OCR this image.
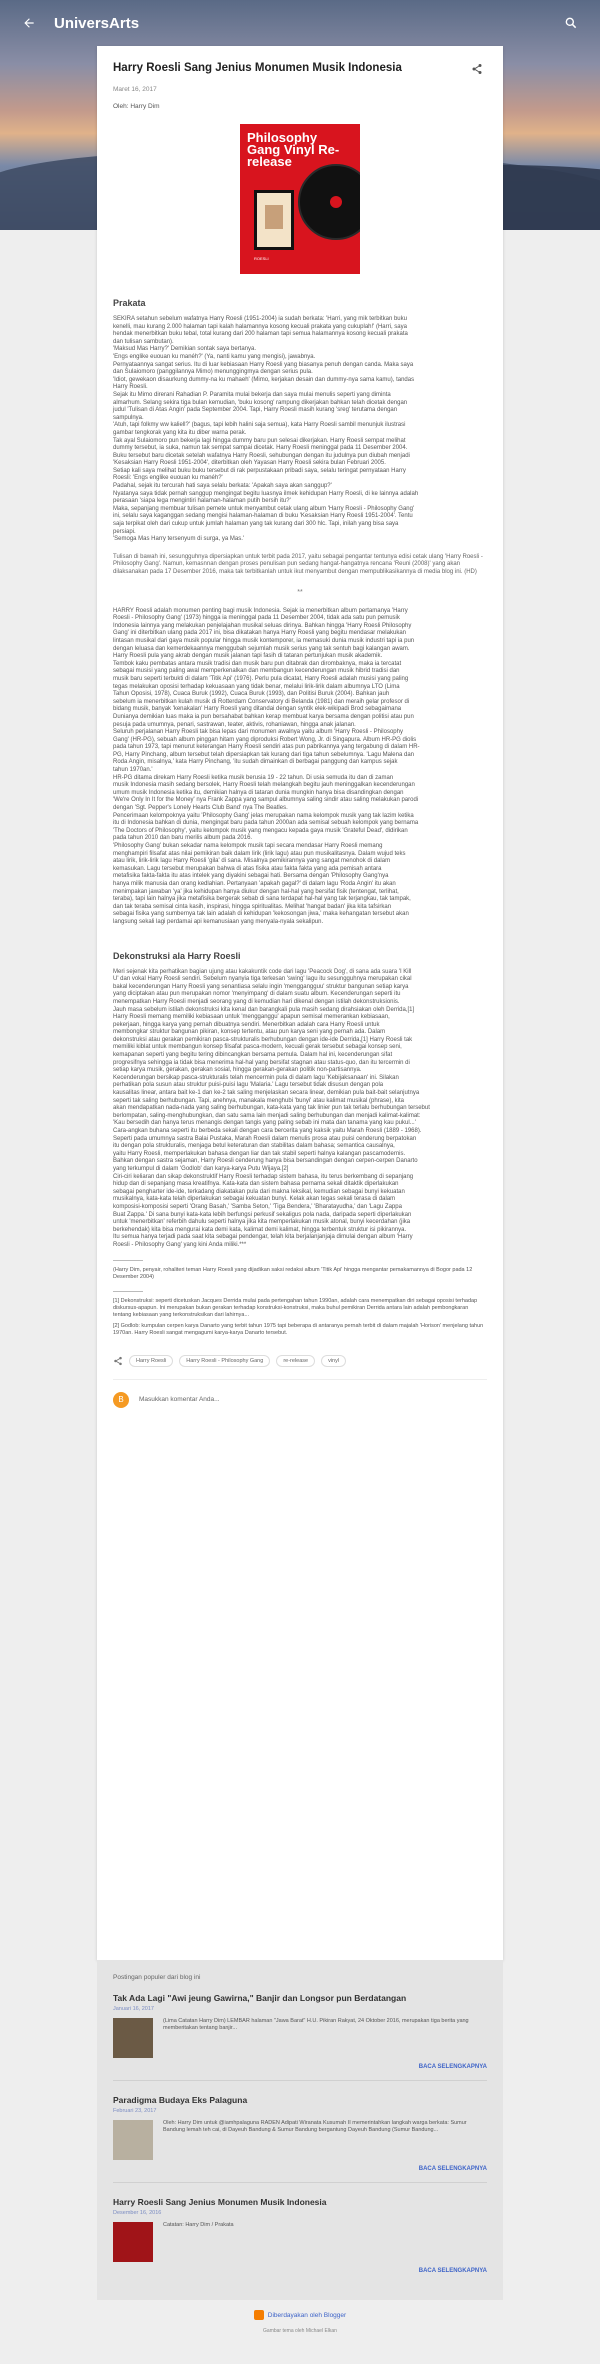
UniversArts
Harry Roesli Sang Jenius Monumen Musik Indonesia
Maret 16, 2017
Oleh: Harry Dim
Philosophy Gang Vinyl Re-release
ROESLI
Prakata
SEKIRA setahun sebelum wafatnya Harry Roesli (1951-2004) ia sudah berkata: 'Harri, yang mik terbitkan buku
kenelli, mau kurang 2.000 halaman tapi kalah halamannya kosong kecuali prakata yang cukuplah!' (Harri, saya
hendak menerbitkan buku tebal, total kurang dari 200 halaman tapi semua halamannya kosong kecuali prakata
dan tulisan sambutan).
'Maksud Mas Harry?' Demikian sontak saya bertanya.
'Engs englike euouan ku manéh?' (Ya, nanti kamu yang mengisi), jawabnya.
Pernyataannya sangat serius. Itu di luar kebiasaan Harry Roesli yang biasanya penuh dengan canda. Maka saya
dan Sulaiomoro (panggilannya Mimo) menunggingmya dengan serius pula.
'Idiot, gewekaon disaurkung dummy-na ku mahaeh' (Mimo, kerjakan desain dan dummy-nya sama kamu), tandas
Harry Roesli.
Sejak itu Mimo direrani Rahadian P. Paramita mulai bekerja dan saya mulai menulis seperti yang diminta
almarhum. Selang sekira tiga bulan kemudian, 'buku kosong' rampung dikerjakan bahkan telah dicetak dengan
judul 'Tulisan di Atas Angin' pada September 2004. Tapi, Harry Roesli masih kurang 'sreg' terutama dengan
sampulnya.
'Atuh, tapi folkmy ww kaliell?' (bagus, tapi lebih halini saja semua), kata Harry Roesli sambil menunjuk ilustrasi
gambar tengkorak yang kita itu diber warna perak.
Tak ayal Sulaiomoro pun bekerja lagi hingga dummy baru pun selesai dikerjakan. Harry Roesli sempat melihat
dummy tersebut, ia suka, namun tak sempat sampai dicetak. Harry Roesli meninggal pada 11 Desember 2004.
Buku tersebut baru dicetak setelah wafatnya Harry Roesli, sehubungan dengan itu judulnya pun diubah menjadi
'Kesaksian Harry Roesli 1951-2004', diterbitkan oleh Yayasan Harry Roesli sekira bulan Februari 2005.
Setiap kali saya melihat buku buku tersebut di rak perpustakaan pribadi saya, selalu teringat pernyataan Harry
Roesli: 'Engs englike euouan ku manéh?'
Padahal, sejak itu tercurah hati saya selalu berkata: 'Apakah saya akan sanggup?'
Nyatanya saya tidak pernah sanggup mengingat begitu luasnya ilmek kehidupan Harry Roesli, di ke lainnya adalah
perasaan 'siapa lega mengintiri halaman-halaman putih bersih itu?'
Maka, sepanjang membuar tulisan pemete untuk menyambut cetak ulang album 'Harry Roesli - Philosophy Gang'
ini, selalu saya kaganggan sedang mengisi halaman-halaman di buku 'Kesaksian Harry Roesli 1951-2004'. Tentu
saja terpikat oleh dari cukup untuk jumlah halaman yang tak kurang dari 300 hlc. Tapi, inilah yang bisa saya
persiapi.
'Semoga Mas Harry tersenyum di surga, ya Mas.'
Tulisan di bawah ini, sesungguhnya dipersiapkan untuk terbit pada 2017, yaitu sebagai pengantar tentunya edisi cetak ulang 'Harry Roesli - Philosophy Gang'. Namun, kemasnnan dengan proses penulisan pun sedang hangat-hangatnya rencana 'Reuni (2008)' yang akan dilaksanakan pada 17 Desember 2016, maka tak terbitkanlah untuk ikut menyambut dengan mempublikasikannya di media blog ini. (HD)
**
HARRY Roesli adalah monumen penting bagi musik Indonesia. Sejak ia menerbitkan album pertamanya 'Harry
Roesli - Philosophy Gang' (1973) hingga ia meninggal pada 11 Desember 2004, tidak ada satu pun pemusik
Indonesia lainnya yang melakukan penjelajahan musikal seluas dirinya. Bahkan hingga 'Harry Roesli Philosophy
Gang' ini diterbitkan ulang pada 2017 ini, bisa dikatakan hanya Harry Roesli yang begitu mendasar melakukan
lintasan musikal dari gaya musik popular hingga musik kontemporer, ia memasuki dunia musik industri tapi ia pun
dengan leluasa dan kemerdekaannya menggubah sejumlah musik serius yang tak sentuh bagi kalangan awam.
Harry Roesli pula yang akrab dengan musik jalanan tapi fasih di tataran pertunjukan musik akademik.
Tembok kaku pembatas antara musik tradisi dan musik baru pun ditabrak dan dirombaknya, maka ia tercatat
sebagai musisi yang paling awal memperkenalkan dan membangun kecenderungan musik hibrid tradisi dan
musik baru seperti terbukti di dalam 'Titik Api' (1976). Perlu pula dicatat, Harry Roesli adalah musisi yang paling
tegas melakukan oposisi terhadap kekuasaan yang tidak benar, melalui lirik-lirik dalam albumnya LTO (Lima
Tahun Oposisi, 1978), Cuaca Buruk (1992), Cuaca Buruk (1993), dan Politisi Buruk (2004). Bahkan jauh
sebelum ia menerbitkan kulah musik di Rotterdam Conservatory di Belanda (1981) dan meraih gelar profesor di
bidang musik, banyak 'kenakalan' Harry Roesli yang ditandai dengan syntik elek-wikipadi Brod sebagaimana
Dunianya demikian luas maka ia pun bersahabat bahkan kerap membuat karya bersama dengan politisi atau pun
pesuja pada umumnya, penari, sastrawan, teater, aktivis, rohaniawan, hingga anak jalanan.
Seluruh perjalanan Harry Roesli tak bisa lepas dari monumen awalnya yaitu album 'Harry Roesli - Philosophy
Gang' (HR-PG), sebuah album pinggan hitam yang diproduksi Robert Wong, Jr. di Singapura. Album HR-PG diolis
pada tahun 1973, tapi menurut keterangan Harry Roesli sendiri atas pun pabrikannya yang tergabung di dalam HR-
PG, Harry Pinchang, album tersebut telah dipersiapkan tak kurang dari tiga tahun sebelumnya. 'Lagu Malena dan
Roda Angin, misalnya,' kata Harry Pinchang, 'itu sudah dimainkan di berbagai panggung dan kampus sejak
tahun 1970an.'
HR-PG ditama direkam Harry Roesli ketika musik berusia 19 - 22 tahun. Di usia semuda itu dan di zaman
musik Indonesia masih sedang bersolek, Harry Roesli telah melangkah begitu jauh meninggalkan kecenderungan
umum musik Indonesia ketika itu, demikian halnya di tataran dunia mungkin hanya bisa disandingkan dengan
'We're Only In It for the Money' nya Frank Zappa yang sampul albumnya saling sindir atau saling melakukan parodi
dengan 'Sgt. Pepper's Lonely Hearts Club Band' nya The Beatles.
Pencerimaan kelompoknya yaitu 'Philosophy Gang' jelas merupakan nama kelompok musik yang tak lazim ketika
itu di Indonesia bahkan di dunia, mengingat baru pada tahun 2000an ada semisal sebuah kelompok yang bernama
'The Doctors of Philosophy', yaitu kelompok musik yang mengacu kepada gaya musik 'Grateful Dead', didirikan
pada tahun 2010 dan baru merilis album pada 2016.
'Philosophy Gang' bukan sekadar nama kelompok musik tapi secara mendasar Harry Roesli memang
menghampiri filsafat atas nilai pemikiran baik dalam lirik (lirik lagu) atau pun musikalitasnya. Dalam wujud teks
atau lirik, lirik-lirik lagu Harry Roesli 'gila' di sana. Misalnya pemikirannya yang sangat menohok di dalam
kemasukan. Lagu tersebut merupakan bahwa di atas fisika atau fakta fakta yang ada pemisah antara
metafisika fakta-fakta itu atas intelek yang diyakini sebagai hati. Bersama dengan 'Philosophy Gang'nya
hanya milik manusia dan orang kedlahian. Pertanyaan 'apakah gagal?' di dalam lagu 'Roda Angin' itu akan
menimpakan jawaban 'ya' jika kehidupan hanya diukur dengan hal-hal yang bersifat fisik (tentengat, terlihat,
teraba), tapi lain halnya jika metafisika bergerak sebab di sana terdapat hal-hal yang tak terjangkau, tak tampak,
dan tak teraba semisal cinta kasih, inspirasi, hingga spiritualitas. Melihat 'hangat badan' jika kita tafsirkan
sebagai fisika yang sumbernya tak lain adalah di kehidupan 'kekosongan jiwa,' maka kehangatan tersebut akan
langsung sekali lagi perdamai api kemanusiaan yang menyala-nyala sekalipun.
Dekonstruksi ala Harry Roesli
Meri sejenak kita perhatikan bagian ujung atau kakakuntik code dari lagu 'Peacock Dog', di sana ada suara 'I Kill
U' dan vokal Harry Roesli sendiri. Sebelum nyanyia tiga terkesan 'swing' lagu itu sesungguhnya merupakan cikal
bakal kecenderungan Harry Roesli yang senantiasa selalu ingin 'menggangguu' struktur bangunan setiap karya
yang diciptakan atau pun merupakan nomor 'menyimpang' di dalam suatu album. Kecenderungan seperti itu
menempatkan Harry Roesli menjadi seorang yang di kemudian hari dikenal dengan istilah dekonstruksionis.
Jauh masa sebelum istilah dekonstruksi kita kenal dan barangkali pula masih sedang dirahsiakan oleh Derrida,[1]
Harry Roesli memang memiliki kebiasaan untuk 'mengganggu' apapun semisal memerankan kebiasaan,
pekerjaan, hingga karya yang pernah dibuatnya sendiri. Menerbitkan adalah cara Harry Roesli untuk
membongkar struktur bangunan pikiran, konsep tertentu, atau pun karya seni yang pernah ada. Dalam
dekonstruksi atau gerakan pemikiran pasca-strukturalis berhubungan dengan ide-ide Derrida,[1] Harry Roesli tak
memiliki kiblat untuk membangun konsep filsafat pasca-modern, kecuali gerak tersebut sebagai konsep seni,
kemapanan seperti yang begitu tering dibincangkan bersama pemula. Dalam hal ini, kecenderungan sifat
progresifnya sehingga ia tidak bisa menerima hal-hal yang bersifat stagnan atau status-quo, dan itu tercermin di
setiap karya musik, gerakan, gerakan sosial, hingga gerakan-gerakan politik non-partisannya.
Kecenderungan bersikap pasca-strukturalis telah mencermin pula di dalam lagu 'Kebijaksanaan' ini. Silakan
perhatikan pola susun atau struktur puisi-puisi lagu 'Malaria.' Lagu tersebut tidak disusun dengan pola
kausalitas linear, antara bait ke-1 dan ke-2 tak saling menjelaskan secara linear, demikian pula bait-bait selanjutnya
seperti tak saling berhubungan. Tapi, anehnya, manakala menghubi 'bunyi' atau kalimat musikal (phrase), kita
akan mendapatkan nada-nada yang saling berhubungan, kata-kata yang tak linier pun tak terlalu berhubungan tersebut
berlompatan, saling-menghubungkan, dan satu sama lain menjadi saling berhubungan dan menjadi kalimat-kalimat:
'Kau bersedih dan hanya terus menangis dengan tangis yang paling sebab ini mata dan tanama yang kau pukul...'
Cara-angkan buhana seperti itu berbeda sekali dengan cara bercerita yang kaksik yaitu Marah Roesli (1889 - 1968).
Seperti pada umumnya sastra Balai Pustaka, Marah Roesli dalam menulis prosa atau puisi cenderung berpatokan
itu dengan pola strukturalis, menjaga betul keteraturan dan stabilitas dalam bahasa; semantica causalnya,
yaitu Harry Roesli, memperlakukan bahasa dengan liar dan tak stabil seperti halnya kalangan pascamodernis.
Bahkan dengan sastra sejaman, Harry Roesli cenderung hanya bisa bersandingan dengan cerpen-cerpen Danarto
yang terkumpul di dalam 'Godlob' dan karya-karya Putu Wijaya.[2]
Ciri-ciri keliaran dan sikap dekonstruktif Harry Roesli terhadap sistem bahasa, itu terus berkembang di sepanjang
hidup dan di sepanjang masa kreatifnya. Kata-kata dan sistem bahasa pernama sekali ditaktik diperlakukan
sebagai pengharter ide-ide, terkadang diakatakan pula dari makna leksikal, kemudian sebagai bunyi kekuatan
musikalnya, kata-kata telah diperlakukan sebagai kekuatan bunyi. Kelak akan tegas sekali terasa di dalam
komposisi-komposisi seperti 'Orang Basah,' 'Samba Seton,' 'Tiga Bendera,' 'Bharatayudha,' dan 'Lagu Zappa
Buat Zappa.' Di sana bunyi kata-kata lebih berfungsi perkusif sekaligus pola nada, daripada seperti diperlakukan
untuk 'menerbitkan' referbih dahulu seperti halnya jika kita memperlakukan musik atonal, bunyi kecerdahan (jika
berkehendak) kita bisa mengurai kata demi kata, kalimat demi kalimat, hingga terbentuk struktur isi pikirannya.
Itu semua hanya terjadi pada saat kita sebagai pendengar, telah kita berjalanjanjaja dimulai dengan album 'Harry
Roesli - Philosophy Gang' yang kini Anda miliki.***
(Harry Dim, penyair, rohaliteri teman Harry Roesli yang dijadikan saksi redaksi album 'Titik Api' hingga mengantar pemakamannya di Bogor pada 12 Desember 2004)
[1] Dekonstruksi: seperti dicetuskan Jacques Derrida mulai pada pertengahan tahun 1990an, adalah cara menempatkan diri sebagai oposisi terhadap diskursus-apapun. Ini merupakan bukan gerakan terhadap konstruksi-konstruksi, maka buhul pemikiran Derrida antara lain adalah pembongkaran tentang kebiasaan yang terkonstruksikan dari lahirnya...
[2] Godlob: kumpulan cerpen karya Danarto yang terbit tahun 1975 tapi beberapa di antaranya pernah terbit di dalam majalah 'Horison' menjelang tahun 1970an. Harry Roesli sangat mengagumi karya-karya Danarto tersebut.
Harry Roesli	Harry Roesli - Philosophy Gang	re-release	vinyl
B	Masukkan komentar Anda...
Postingan populer dari blog ini
Tak Ada Lagi "Awi jeung Gawirna," Banjir dan Longsor pun Berdatangan
Januari 16, 2017
(Lima Catatan Harry Dim) LEMBAR halaman "Jawa Barat" H.U. Pikiran Rakyat, 24 Oktober 2016, merupakan tiga berita yang memberitakan tentang banjir...
BACA SELENGKAPNYA
Paradigma Budaya Eks Palaguna
Februari 23, 2017
Oleh: Harry Dim untuk @iamhpalaguna RADEN Adipati Wiranata Kusumah II memerintahkan langkah warga berkata: Sumur Bandung lemah teh cai, di Dayeuh Bandung & Sumur Bandung bergantung Dayeuh Bandung (Sumur Bandung...
BACA SELENGKAPNYA
Harry Roesli Sang Jenius Monumen Musik Indonesia
Desember 16, 2016
Catatan: Harry Dim / Prakata
BACA SELENGKAPNYA
Diberdayakan oleh Blogger
Gambar tema oleh Michael Elkan
